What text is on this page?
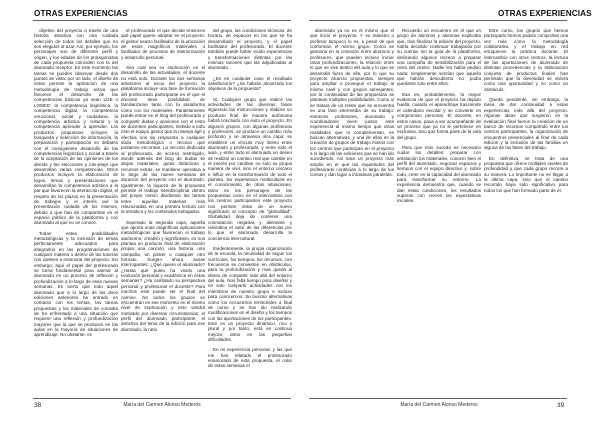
OTRAS EXPERIENCIAS

objetivo del proyecto a través de una historia atractiva con una cuidada selección de todos los detalles que no son elegidos al azar. Así, por ejemplo, los personajes son de diferente perfil y origen, y los edades de los protagonistas de cada propuesta coinciden con la del alumnado receptor. En este momento las tareas se pueden observar desde dos puntos de vista: por un lado, el diseño de estas permite la aplicación de una metodología de trabajo activa que favorece el desarrollo de las competencias básicas ya sean LOE o LOMCE: la competencia lingüística, la competencia digital, la competencia emocional, social y ciudadana, la competencia artística y cultural y la competencia aprender a aprender. Los productos propuestos incluyen la búsqueda y selección de información, la preparación y participación en debates con el consiguiente desarrollo de las competencias lingüística y social a través de la aceptación de las opiniones de los demás y las elecciones y role-plays que desarrollan varias competencias. Otros productos incluyen la elaboración de logos, lemas y presentaciones que desarrollan la competencia artística a la par que favorecen la interacción digital, el respeto de los plazos en la presentación de trabajos y el interés por la presentación cuidada de los mismos, debido a que han de compartirse en el espacio público de la plataforma y con alumnado al que no se conoce.

Todas estas posibilidades metodológicas y la inclusión de temas perfectamente adecuados para integrarlos en las programaciones de cualquier materia o dentro de las tutorías nos vuelven a enamorar del proyecto. Sin embargo, aquí el papel del profesorado se torna fundamental para animar al alumnado en un proceso de reflexión y profundización a lo largo de esas nuevas semanas. Es cierto que todo aquel alumnado que a lo largo de las doce ediciones anteriores ha entrado en contacto con los temas, las tareas propuestas y los materiales de consulta de ha enfrentado a una situación que requiere una reflexión y profundización mayores que la que se producen en las aulas en la mayoría de situaciones de aprendizaje. No obstante, es

el profesorado el que decide entonces qué papel quiere adoptar en el proyecto: el gestor neutro facilitador de la ubicación de estos magníficos materiales o facilitador de procesos de interiorización y desarrollo personal.

Sea cual sea su implicación en el desarrollo de las actividades, el docente no está solo. Durante las dos semanas anteriores al inicio del proyecto la plataforma incluye una fase de formación del profesorado participante en el que el docente tiene posibilidad de familiarizarse tanto con la plataforma como con los materiales. Paralelamente puede entrar en el blog del profesorado y compartir dudas y opiniones con el resto de docentes participantes. Debido a todo esto el equipo gestor que la maneja ágil y efectiva nos da respuesta a cualquier duda metodológica o técnica que podamos encontrar. La sección dedicada al profesorado, de acceso restringido, donde además del blog de dudas se alojan materiales, guías didácticas y recursos extras, se mantiene operativa a lo largo de las nueve semanas de duración del proyecto con el alumnado. Igualmente, la riqueza de la propuesta permite el trabajo interdisciplinar dentro del propio centro dividiendo las tareas entre aquellas materias más relacionadas en una primera lectura con la temática y los contenidos trabajados.

Superado la segunda capa, aquella que aporta unas magníficas aplicaciones metodológicas que favorecen el trabajo autónomo, creativo y significativo, es nos plantea un producto final de elaboración propia: una canción, una historia, una campaña, un póster o cualquier otro formato. Surgen ahora varias interrogantes: ¿Qué quiere el alumnado? ¿Hasta qué punto ha vivido una evolución personal y académica en estas semanas? ¿Ha cambiado su perspectiva personal y profesional el docente? Para muchos este puede ser el final del camino. No todos los grupos se encuentran en ese momento en el mismo nivel de implicación y esto vendrá motivado por diversas circunstancias: el perfil del alumnado participante, el atractivo del tema de la edición para ese alumnado, la ratio

del grupo, las condiciones técnicas, de horario, de espacios en los que se ha desarrollado el proyecto, y el papel facilitador del profesorado. El docente también puede haber vivido experiencias y transformaciones distintas por las mismas razones que las adjudicadas al alumnado.

¿Es en cualquier caso el resultado satisfactorio? ¿Se habrán alcanzado los objetivos de la propuesta?

Sí. Cualquier grupo que realice las actividades de las diversas fases siguiendo las instrucciones y elabore un producto final de manera autónoma habrá concluido con éxito el proyecto. En algunos grupos, con algunas profesoras y profesores, se produce un cambio más profundo y se atraviesa otra capa: se establece un vínculo muy íntimo entre alumnado y profesorado, y entre todo el aula, y entre todo el alumnado un deseo de realizar un cambio real que cambie en el interés por cambiar no solo su propia manera de vivir, sino el entorno cercano e influir en la transformación de todo el planeta. Su experiencia multicultural en el conocimiento de otras situaciones, tanto en los personajes de las propuestas como en el intercambio con los centros participantes este proyecto nos permite dotar de un nuevo significado al concepto de “globalidad”. Globalidad deja de contener una connotación negativa y alienante y reivindica el valor de las diferencias por lo que el alumnado desarrolla la conciencia intercultural.

Evidentemente, la propia organización de la escuela, la necesidad de seguir los currículos, los tiempos, los recursos, con frecuencia se convierten en obstáculos, para la profundización y mas queda al deseo de compartir más allá del entorno del aula. Nos falta tiempo para diseñar y no solo compartir actividades con los miembros de nuestro grupo e incluso para conocernos. Se buscan alternativas como los encuentros territoriales a final de curso y se han ido realizando modificaciones en el diseño y los tiempos con las aportaciones de los participantes. Este es un proyecto dinámico, rico y plural y por tanto, está en continua mejora, tanto en las pequeñas dificultades.

En mi experiencia personal, y las que me han relatado el profesorado enamorado de esta propuesta, el calor de estas semanas el

38	María del Carmen Alonso Mederos
OTRAS EXPERIENCIAS

alumnado ya no es el mismo que el que inició el proyecto. Y su maestro o profesor tampoco lo es, a pesar de que conforman el mismo grupo. Como se gestiona en la conexión entre alumnos y profesores, que pueden incluso iniciar otras profundizaciones, la relación entre lo que se vive dentro del aula y lo que se desarrolla fuera de ella, por lo que su proyecto alcanza propuestas, siempre para ampliar o proseguir el trabajo al mismo nivel y con grupos semejantes; por la continuidad de las propuestas se plantean multiples posibilidades. Como si se tratara de un relato que se encuentra en una fase intermedia de su trabajo: entonces profesores, alumnado y coordinadores viven juntos esta experiencia al mismo tiempo que otras realidades que lo complementan, se buscan alternativas, y una de ellas es la creación de grupos de trabajo mixtos con los centros que participan en el proyecto a lo largo de las ediciones que se han ido sucediendo. Así nace un proyecto más amplio en el que las inquietudes del profesorado continúan a lo largo de los cursos y dan lugar a iniciativas paralelas.

Recuerdo un encuentro en el que un grupo de alumnos y alumnas explicaba que, tras finalizar la edición del proyecto, había decidido continuar trabajando por su cuenta, sin la guía de la plataforma, dedicando algunos recreos a preparar una campaña de sensibilización para el resto del centro. Nadie les había pedido nada; simplemente sentían que aquello que habían descubierto no podía quedarse solo entre ellos.

Esa es, probablemente, la mayor evidencia de que el proyecto ha dejado huella: cuando el aprendizaje trasciende el calendario escolar y se convierte en compromiso personal. El docente, en estos casos, pasa a ser acompañante de un proceso que ya no le pertenece en exclusiva, sino que forma parte de la vida del grupo.

Para que esto suceda es necesario cuidar los detalles: preparar con antelación los materiales, conocer bien el perfil del alumnado, negociar espacios y tiempos con el equipo directivo y, sobre todo, creer en la capacidad del alumnado para transformar su entorno. La experiencia demuestra que, cuando se dan estas condiciones, los resultados superan con creces las expectativas iniciales.

Este curso, los grupos que hemos participado hemos podido comprobar una vez más cómo la metodología colaborativa y el trabajo en red enriquecen la práctica docente. El intercambio con otros centros, la lectura de las aportaciones de alumnado de distintas procedencias y la elaboración conjunta de productos finales han permitido que la diversidad se viviera como una oportunidad y no como un obstáculo.

Queda pendiente, sin embargo, la tarea de dar continuidad a estas experiencias más allá del proyecto. Algunas ideas que surgieron en la evaluación final fueron la creación de un banco de recursos compartido entre los centros participantes, la organización de encuentros presenciales al final de cada edición y la inclusión de las familias en alguna de las fases del trabajo.

En definitiva, se trata de una propuesta que ofrece múltiples niveles de profundidad y que cada grupo recorre a su manera. Lo importante no es llegar a la última capa, sino que el camino recorrido haya sido significativo para todos los que han formado parte de él.

María del Carmen Alonso Mederos	39
